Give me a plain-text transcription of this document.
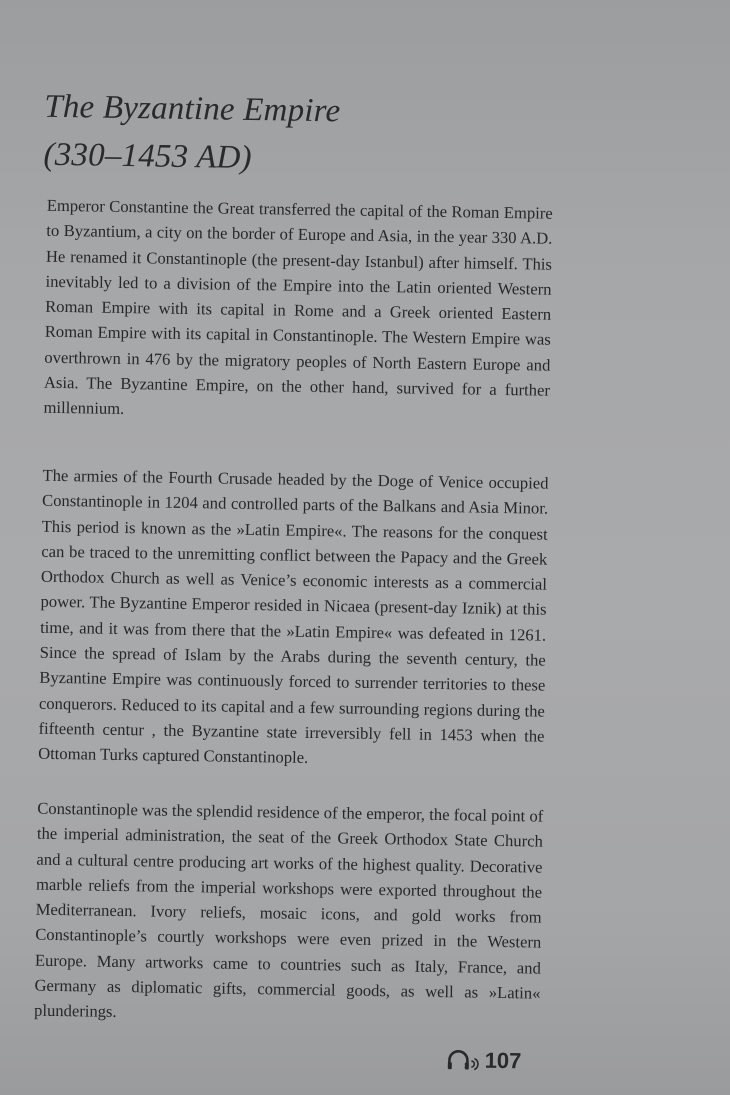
The Byzantine Empire
(330–1453 AD)

Emperor Constantine the Great transferred the capital of the Roman Empire to Byzantium, a city on the border of Europe and Asia, in the year 330 A.D. He renamed it Constantinople (the present-day Istanbul) after himself. This inevitably led to a division of the Empire into the Latin oriented Western Roman Empire with its capital in Rome and a Greek oriented Eastern Roman Empire with its capital in Constantinople. The Western Empire was overthrown in 476 by the migratory peoples of North Eastern Europe and Asia. The Byzantine Empire, on the other hand, survived for a further millennium.

The armies of the Fourth Crusade headed by the Doge of Venice occupied Constantinople in 1204 and controlled parts of the Balkans and Asia Minor. This period is known as the »Latin Empire«. The reasons for the conquest can be traced to the unremitting conflict between the Papacy and the Greek Orthodox Church as well as Venice’s economic interests as a commercial power. The Byzantine Emperor resided in Nicaea (present-day Iznik) at this time, and it was from there that the »Latin Empire« was defeated in 1261. Since the spread of Islam by the Arabs during the seventh century, the Byzantine Empire was continuously forced to surrender territories to these conquerors. Reduced to its capital and a few surrounding regions during the fifteenth centur , the Byzantine state irreversibly fell in 1453 when the Ottoman Turks captured Constantinople.

Constantinople was the splendid residence of the emperor, the focal point of the imperial administration, the seat of the Greek Orthodox State Church and a cultural centre producing art works of the highest quality. Decorative marble reliefs from the imperial workshops were exported throughout the Mediterranean. Ivory reliefs, mosaic icons, and gold works from Constantinople’s courtly workshops were even prized in the Western Europe. Many artworks came to countries such as Italy, France, and Germany as diplomatic gifts, commercial goods, as well as »Latin« plunderings.

107
